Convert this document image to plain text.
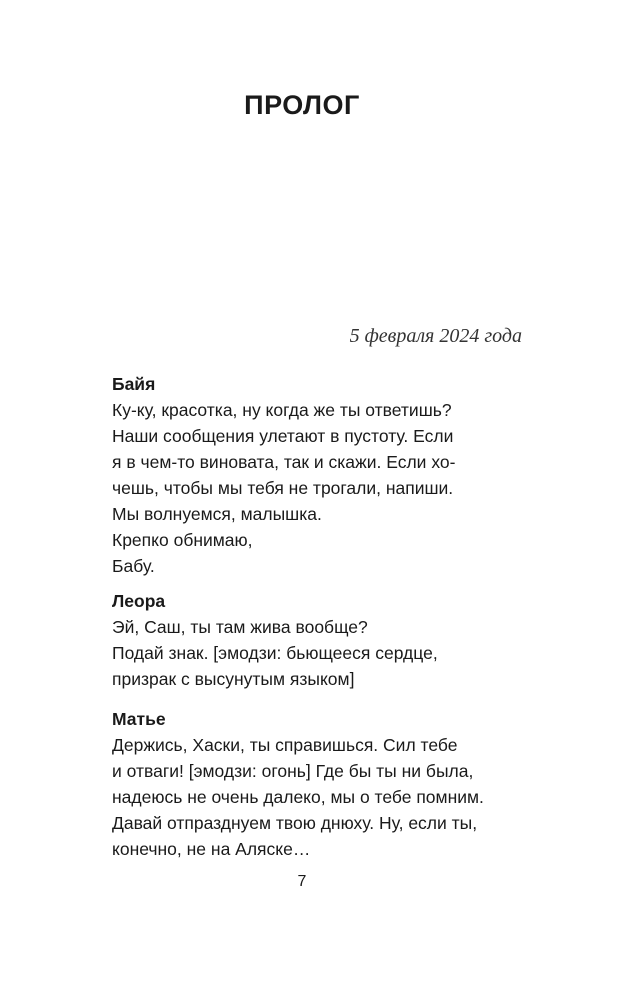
ПРОЛОГ
5 февраля 2024 года
Байя
Ку-ку, красотка, ну когда же ты ответишь?
Наши сообщения улетают в пустоту. Если
я в чем-то виновата, так и скажи. Если хо-
чешь, чтобы мы тебя не трогали, напиши.
Мы волнуемся, малышка.
Крепко обнимаю,
Бабу.
Леора
Эй, Саш, ты там жива вообще?
Подай знак. [эмодзи: бьющееся сердце,
призрак с высунутым языком]
Матье
Держись, Хаски, ты справишься. Сил тебе
и отваги! [эмодзи: огонь] Где бы ты ни была,
надеюсь не очень далеко, мы о тебе помним.
Давай отпразднуем твою днюху. Ну, если ты,
конечно, не на Аляске…
7
